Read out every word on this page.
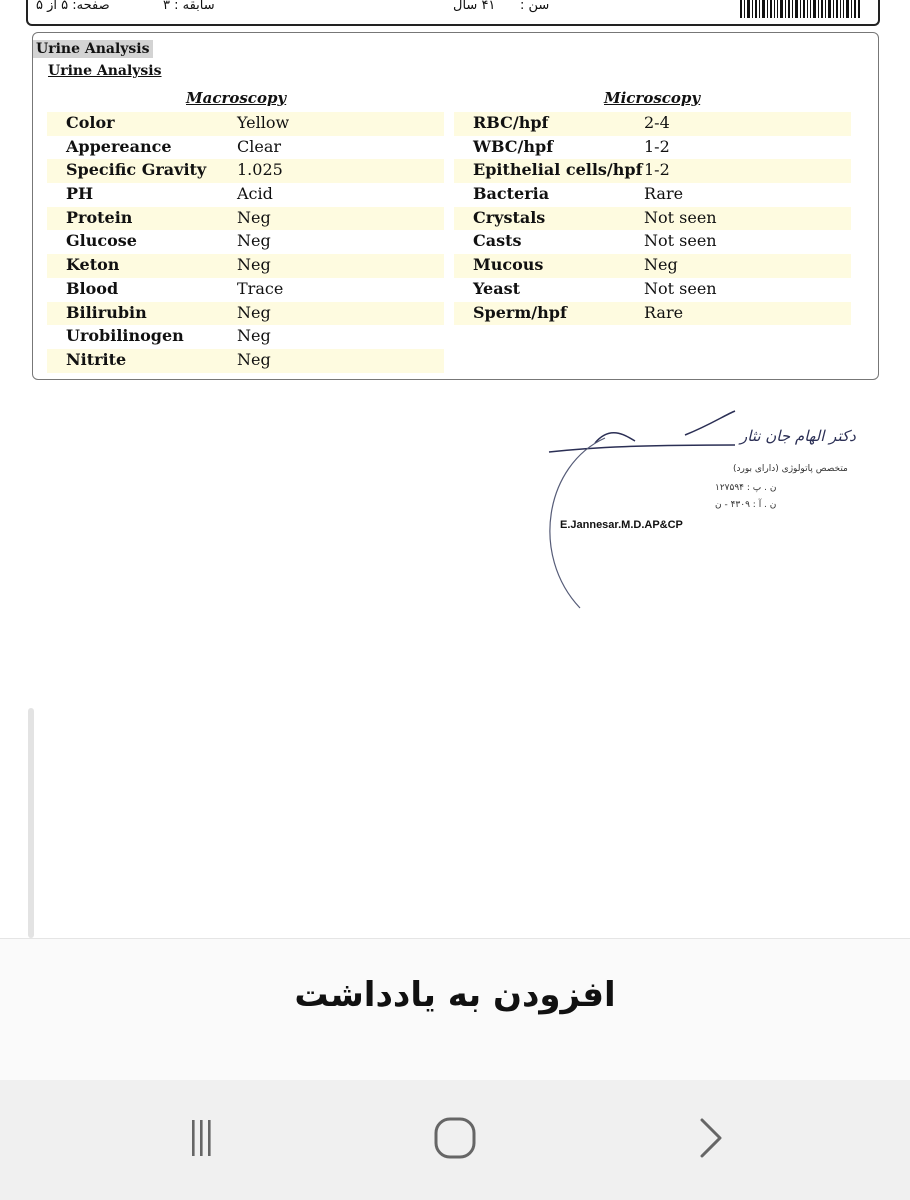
صفحه: ۵ از ۵	سابقه : ۳	۴۱ سال سن :
Urine Analysis
Urine Analysis
Macroscopy	Microscopy
Color	Yellow
Appereance	Clear
Specific Gravity 1.025
PH	Acid
Protein	Neg
Glucose	Neg
Keton	Neg
Blood	Trace
Bilirubin	Neg
Urobilinogen	Neg
Nitrite	Neg
RBC/hpf	2-4
WBC/hpf	1-2
Epithelial cells/hpf 1-2
Bacteria	Rare
Crystals	Not seen
Casts	Not seen
Mucous	Neg
Yeast	Not seen
Sperm/hpf	Rare
دکتر الهام جان نثار
متخصص پاتولوژی (دارای بورد)
ن . پ : ۱۲۷۵۹۴
ن . آ : ۴۳۰۹ - ن
E.Jannesar.M.D.AP&CP
افزودن به یادداشت
